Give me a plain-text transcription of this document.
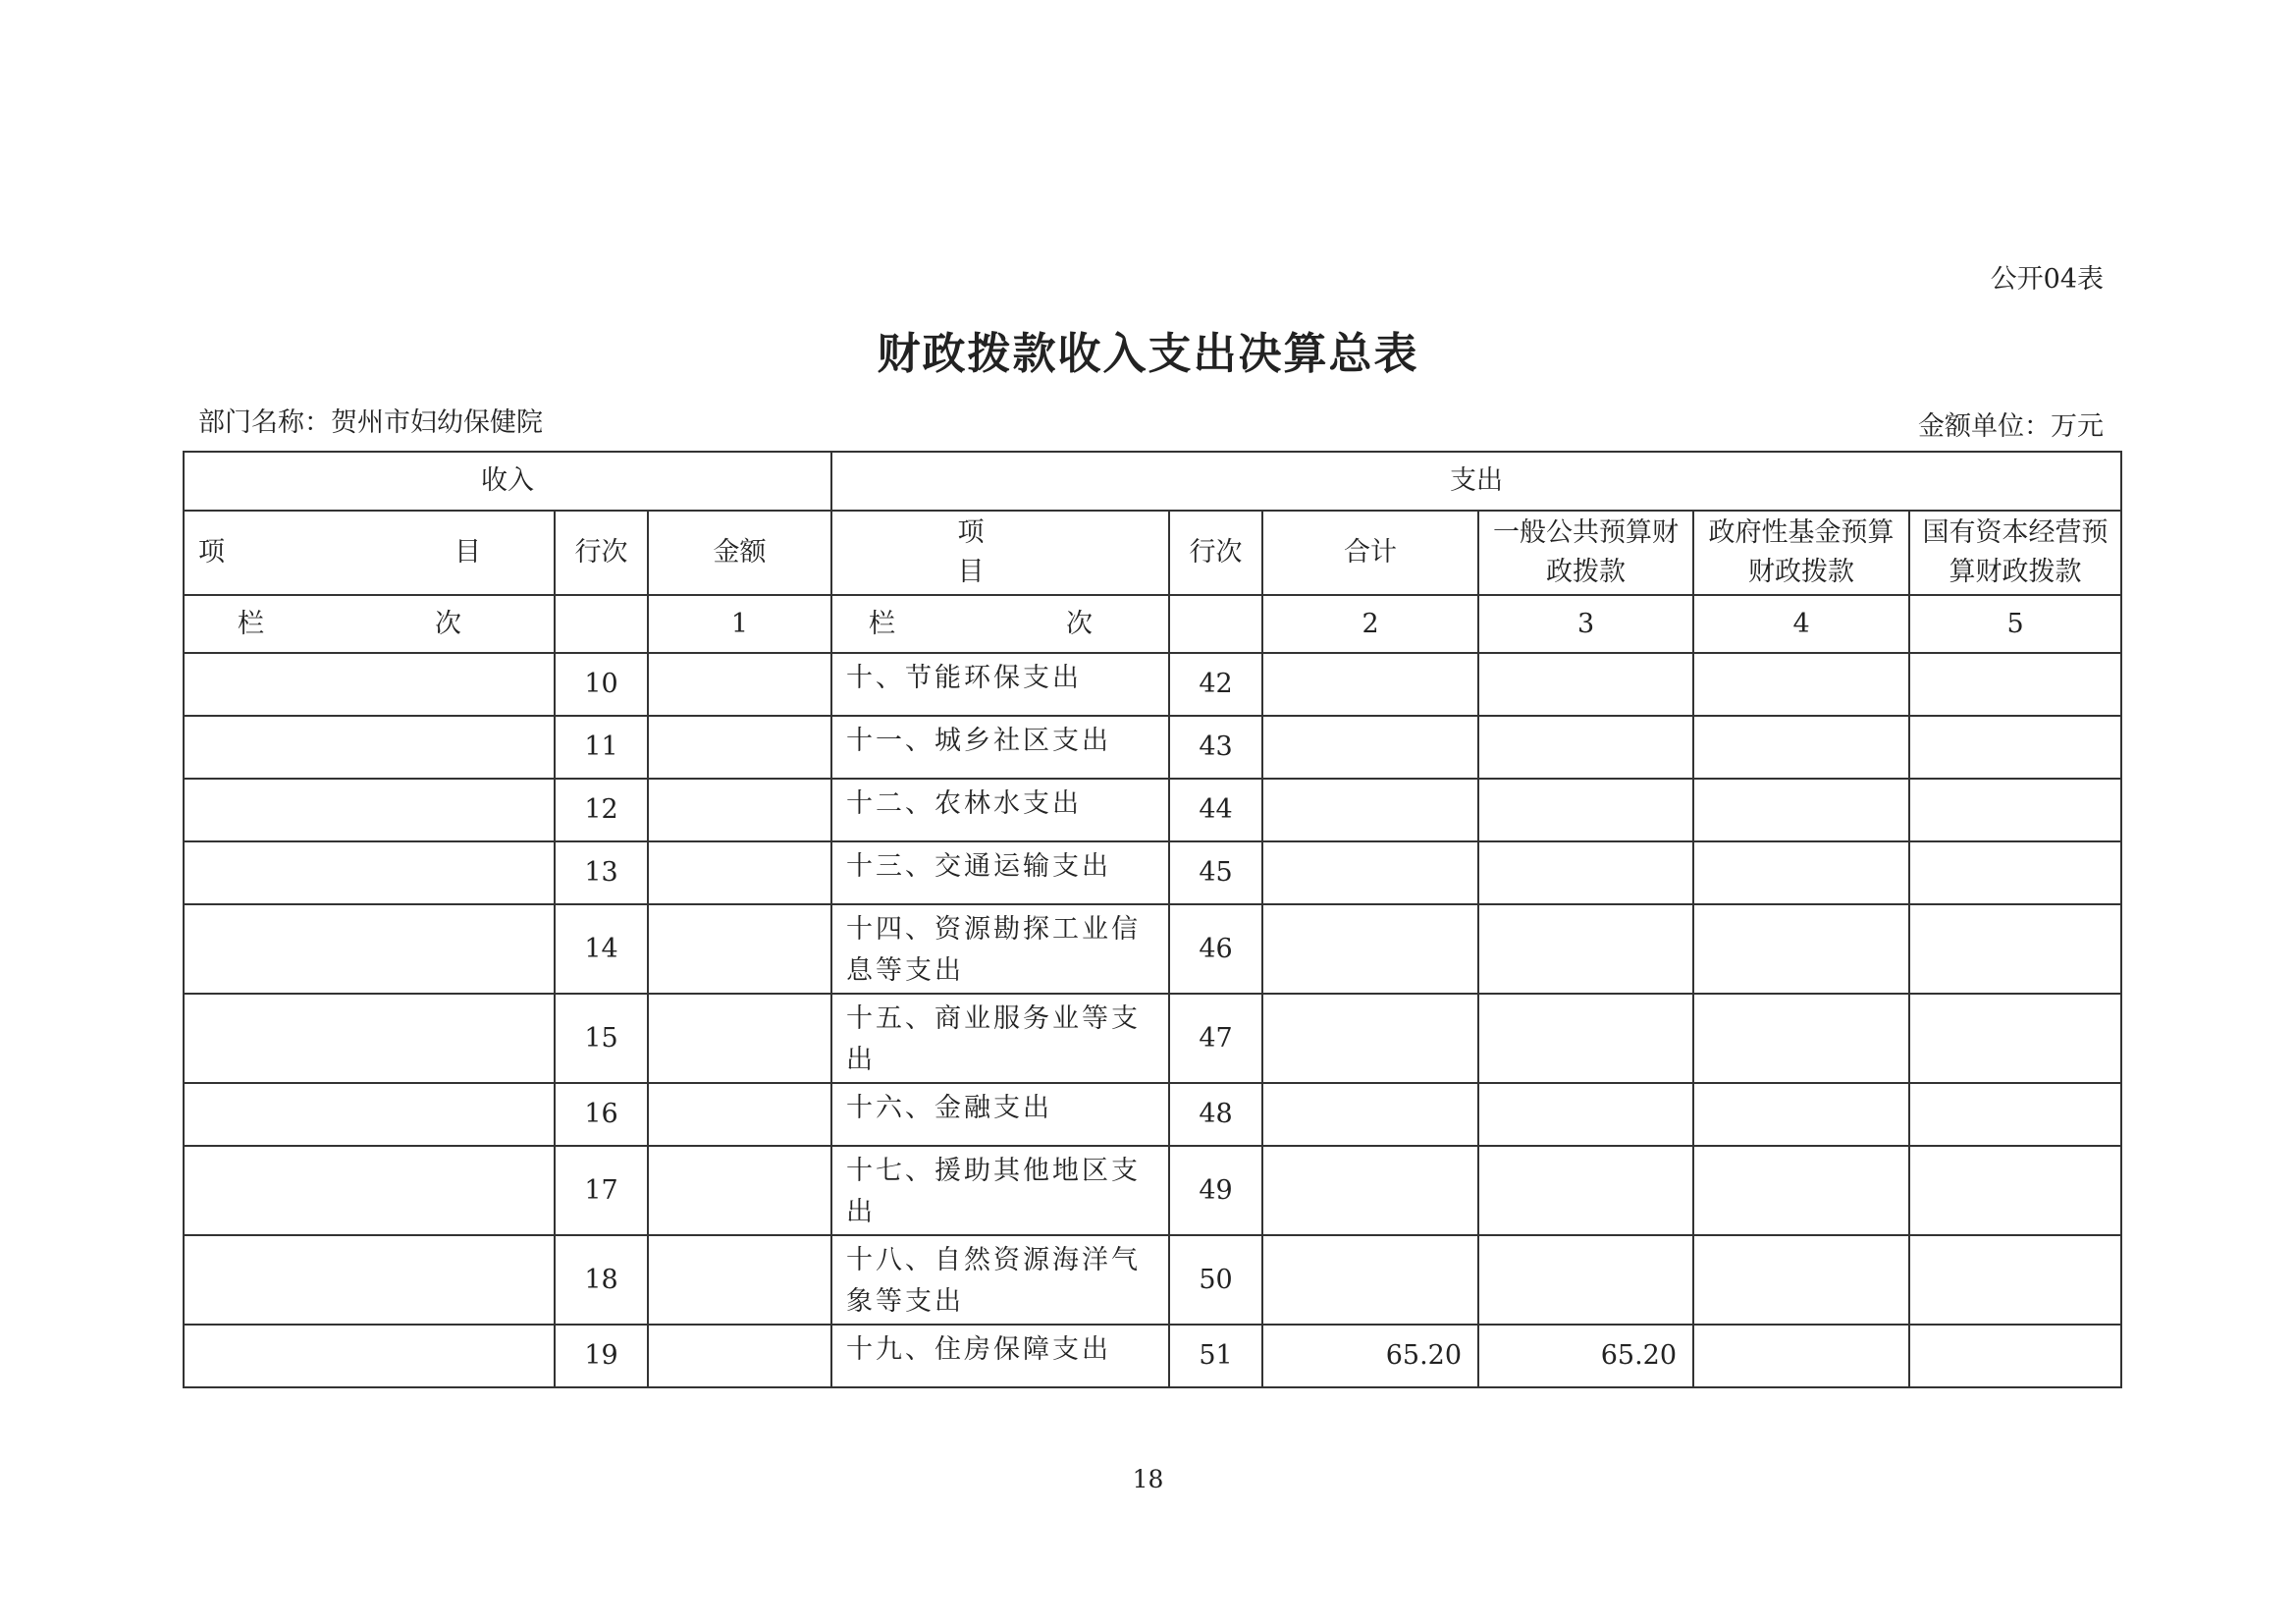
公开04表
财政拨款收入支出决算总表
部门名称：贺州市妇幼保健院	金额单位：万元
收入			支出					
项　　目	行次	金额	项　　目	行次	合计	一般公共预算财政拨款	政府性基金预算财政拨款	国有资本经营预算财政拨款
栏　　次		1	栏　　次		2	3	4	5
	10		十、节能环保支出	42				
	11		十一、城乡社区支出	43				
	12		十二、农林水支出	44				
	13		十三、交通运输支出	45				
	14		十四、资源勘探工业信息等支出	46				
	15		十五、商业服务业等支出	47				
	16		十六、金融支出	48				
	17		十七、援助其他地区支出	49				
	18		十八、自然资源海洋气象等支出	50				
	19		十九、住房保障支出	51	65.20	65.20		
18
